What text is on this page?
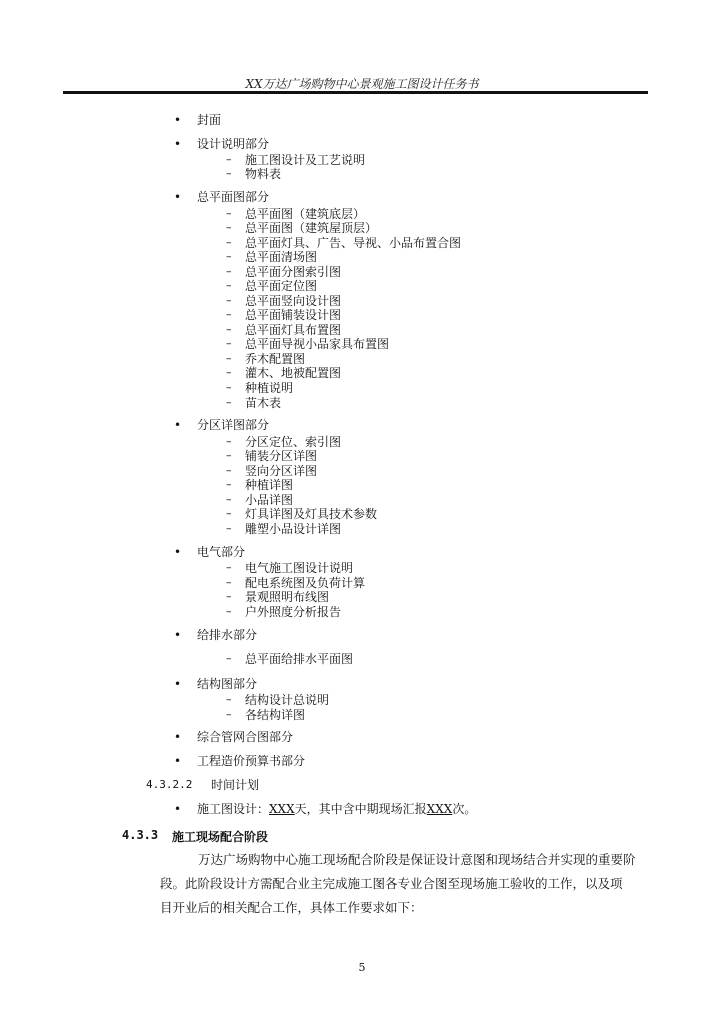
XX万达广场购物中心景观施工图设计任务书
• 封面
• 设计说明部分
– 施工图设计及工艺说明
– 物料表
• 总平面图部分
– 总平面图（建筑底层）
– 总平面图（建筑屋顶层）
– 总平面灯具、广告、导视、小品布置合图
– 总平面清场图
– 总平面分图索引图
– 总平面定位图
– 总平面竖向设计图
– 总平面铺装设计图
– 总平面灯具布置图
– 总平面导视小品家具布置图
– 乔木配置图
– 灌木、地被配置图
– 种植说明
– 苗木表
• 分区详图部分
– 分区定位、索引图
– 铺装分区详图
– 竖向分区详图
– 种植详图
– 小品详图
– 灯具详图及灯具技术参数
– 雕塑小品设计详图
• 电气部分
– 电气施工图设计说明
– 配电系统图及负荷计算
– 景观照明布线图
– 户外照度分析报告
• 给排水部分
– 总平面给排水平面图
• 结构图部分
– 结构设计总说明
– 各结构详图
• 综合管网合图部分
• 工程造价预算书部分
4.3.2.2 时间计划
• 施工图设计：XXX天，其中含中期现场汇报XXX次。
4.3.3 施工现场配合阶段
万达广场购物中心施工现场配合阶段是保证设计意图和现场结合并实现的重要阶
段。此阶段设计方需配合业主完成施工图各专业合图至现场施工验收的工作，以及项
目开业后的相关配合工作，具体工作要求如下：
5
